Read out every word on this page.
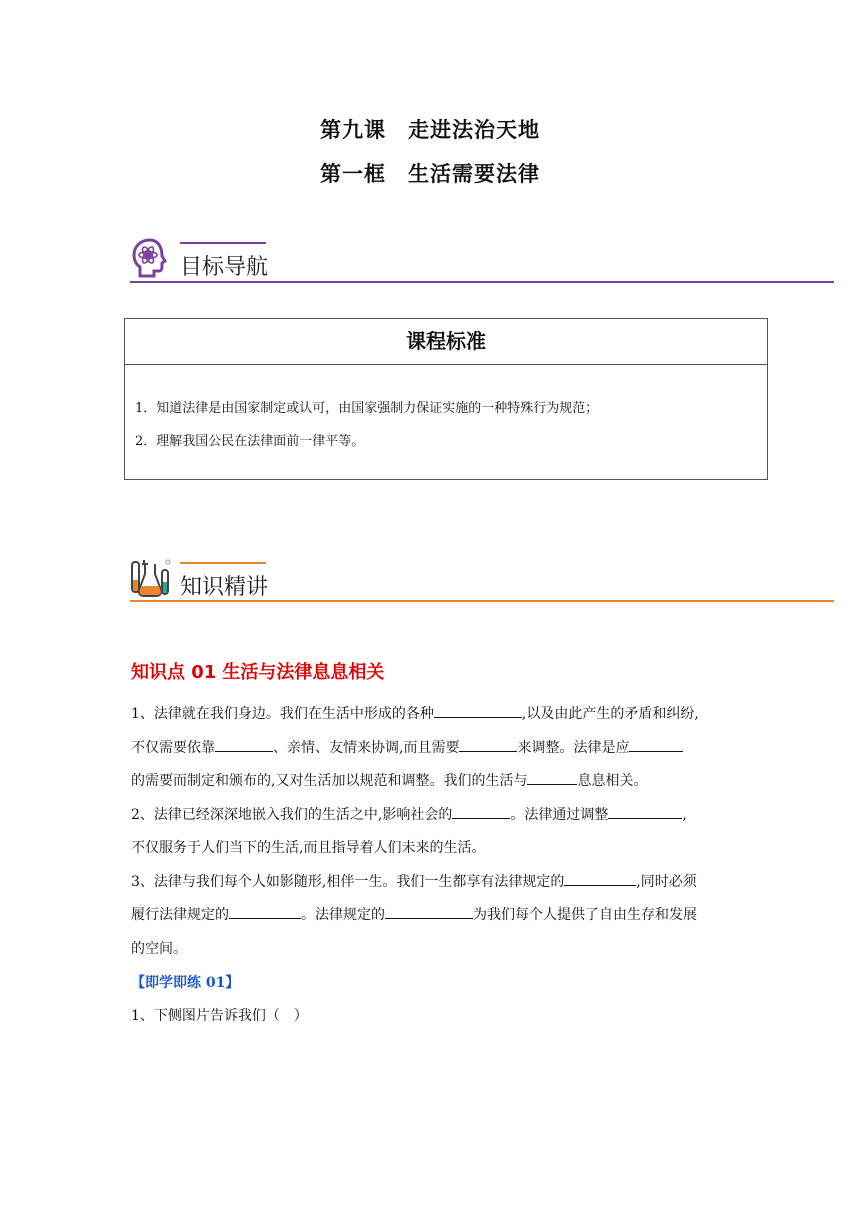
第九课　走进法治天地
第一框　生活需要法律
目标导航
课程标准
1．知道法律是由国家制定或认可，由国家强制力保证实施的一种特殊行为规范；
2．理解我国公民在法律面前一律平等。
知识精讲
知识点 01 生活与法律息息相关
1、法律就在我们身边。我们在生活中形成的各种	,以及由此产生的矛盾和纠纷,
不仅需要依靠	、亲情、友情来协调,而且需要	来调整。法律是应
的需要而制定和颁布的,又对生活加以规范和调整。我们的生活与	息息相关。
2、法律已经深深地嵌入我们的生活之中,影响社会的	。法律通过调整	,
不仅服务于人们当下的生活,而且指导着人们未来的生活。
3、法律与我们每个人如影随形,相伴一生。我们一生都享有法律规定的	,同时必须
履行法律规定的	。法律规定的	为我们每个人提供了自由生存和发展
的空间。
【即学即练 01】
1、下侧图片告诉我们（　）
